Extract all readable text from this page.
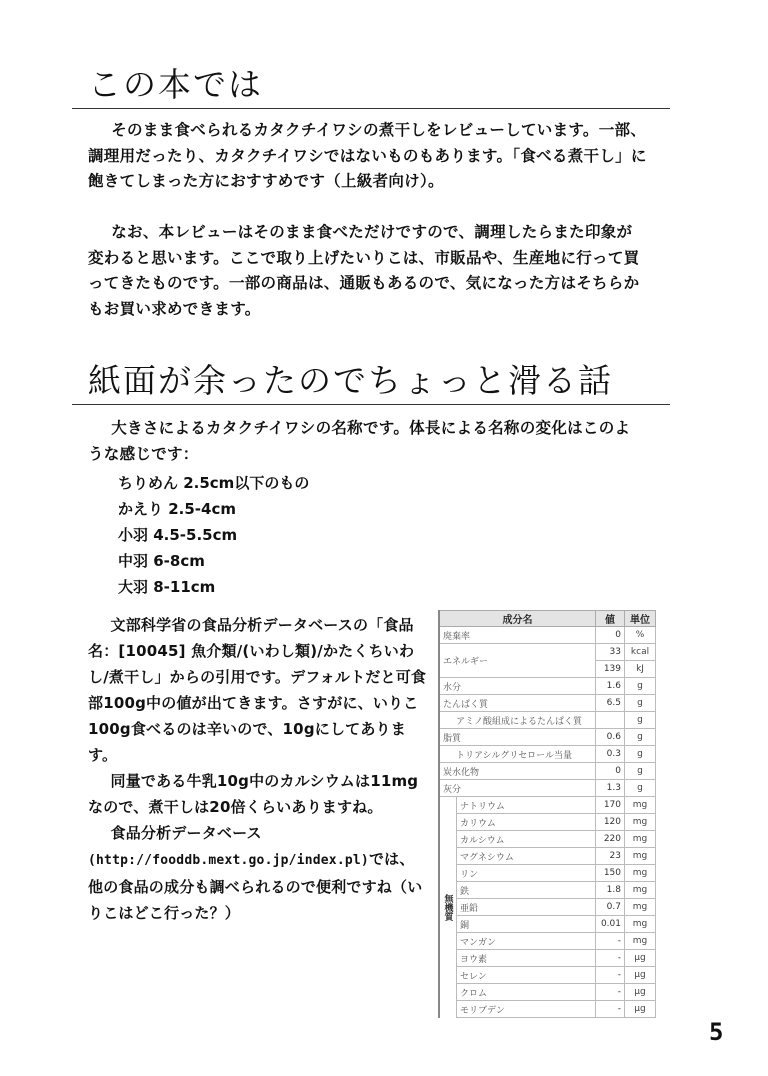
この本では

そのまま食べられるカタクチイワシの煮干しをレビューしています。一部、調理用だったり、カタクチイワシではないものもあります。「食べる煮干し」に飽きてしまった方におすすめです（上級者向け）。

なお、本レビューはそのまま食べただけですので、調理したらまた印象が変わると思います。ここで取り上げたいりこは、市販品や、生産地に行って買ってきたものです。一部の商品は、通販もあるので、気になった方はそちらかもお買い求めできます。

紙面が余ったのでちょっと滑る話

大きさによるカタクチイワシの名称です。体長による名称の変化はこのような感じです：

ちりめん 2.5cm以下のもの
かえり 2.5-4cm
小羽 4.5-5.5cm
中羽 6-8cm
大羽 8-11cm

文部科学省の食品分析データベースの「食品名：[10045] 魚介類/(いわし類)/かたくちいわし/煮干し」からの引用です。デフォルトだと可食部100g中の値が出てきます。さすがに、いりこ100g食べるのは辛いので、10gにしてあります。

同量である牛乳10g中のカルシウムは11mgなので、煮干しは20倍くらいありますね。

食品分析データベース

(http://fooddb.mext.go.jp/index.pl)では、他の食品の成分も調べられるので便利ですね（いりこはどこ行った？）

成分名		値	単位
廃棄率		0	%
エネルギー		33	kcal
		139	kJ
水分		1.6	g
たんぱく質		6.5	g
アミノ酸組成によるたんぱく質			g
脂質		0.6	g
トリアシルグリセロール当量		0.3	g
炭水化物		0	g
灰分		1.3	g
	ナトリウム	170	mg
	カリウム	120	mg
	カルシウム	220	mg
	マグネシウム	23	mg
	リン	150	mg
無機質	鉄	1.8	mg
	亜鉛	0.7	mg
	銅	0.01	mg
	マンガン	-	mg
	ヨウ素	-	µg
	セレン	-	µg
	クロム	-	µg
	モリブデン	-	µg
5
